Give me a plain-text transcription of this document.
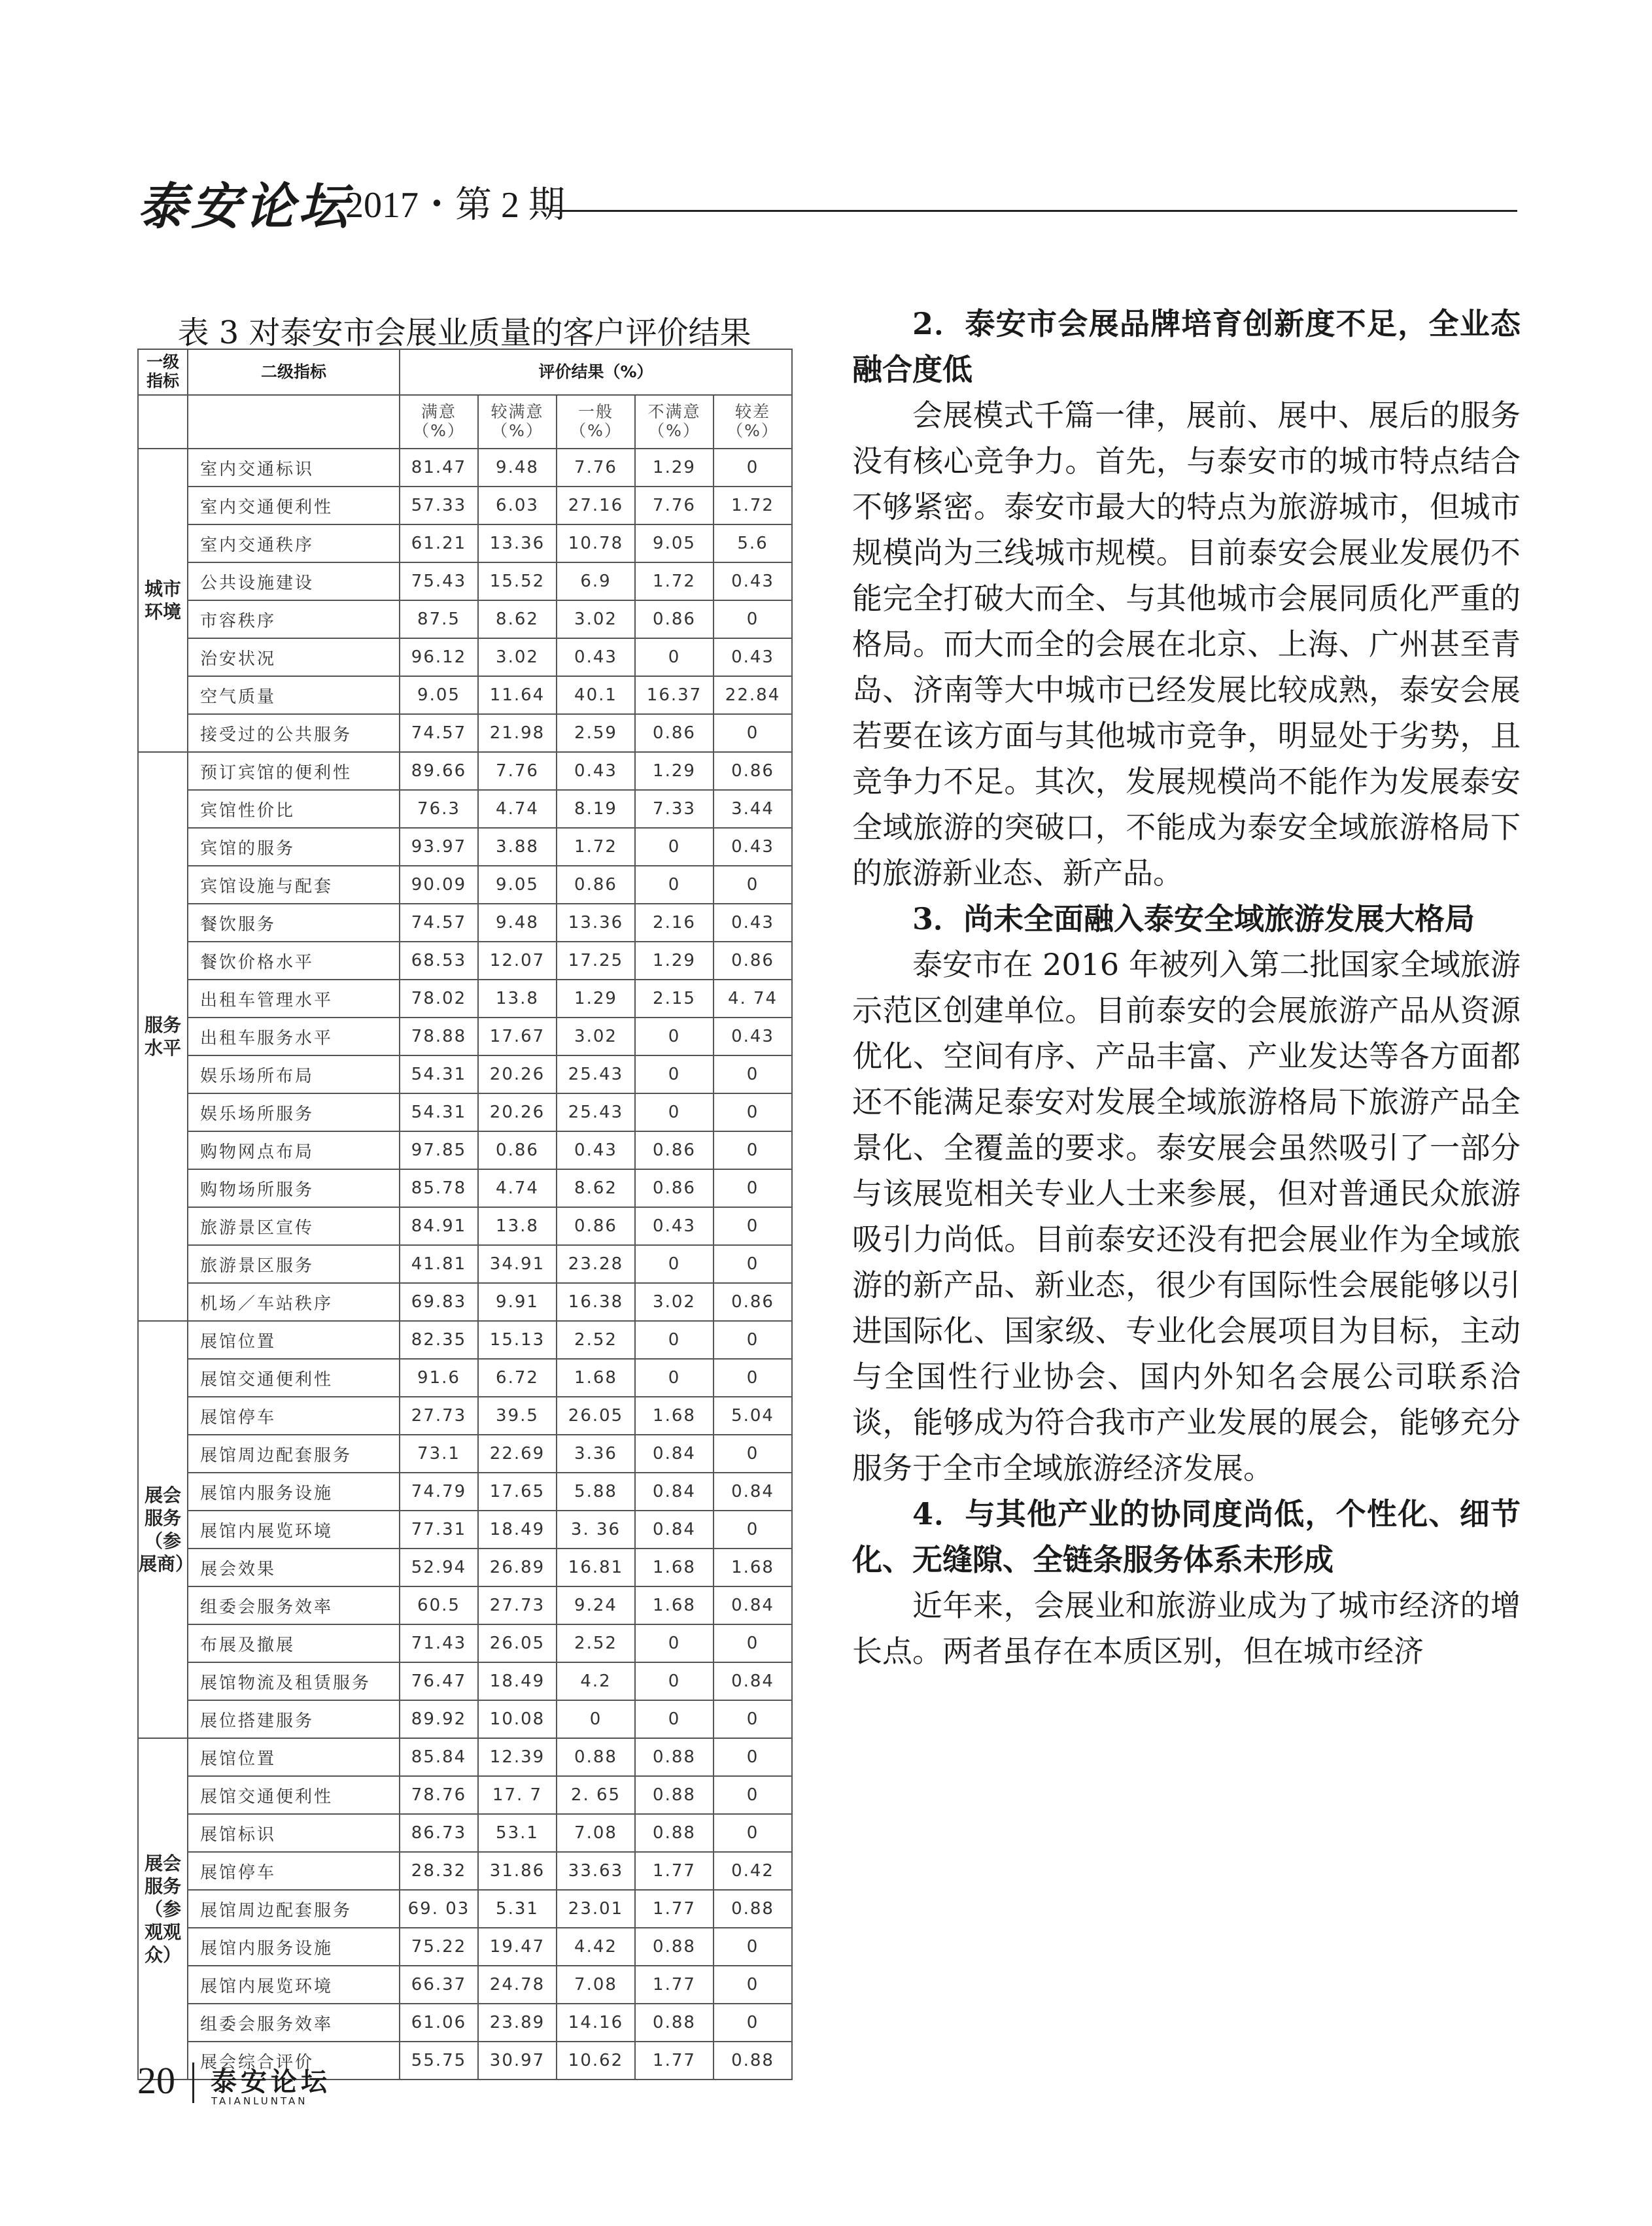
泰安论坛
2017・第 2 期
表 3 对泰安市会展业质量的客户评价结果
一级指标	二级指标	评价结果（%）				
		满意（%）	较满意（%）	一般（%）	不满意（%）	较差（%）
城市环境	室内交通标识	81.47	9.48	7.76	1.29	0
	室内交通便利性	57.33	6.03	27.16	7.76	1.72
	室内交通秩序	61.21	13.36	10.78	9.05	5.6
	公共设施建设	75.43	15.52	6.9	1.72	0.43
	市容秩序	87.5	8.62	3.02	0.86	0
	治安状况	96.12	3.02	0.43	0	0.43
	空气质量	9.05	11.64	40.1	16.37	22.84
	接受过的公共服务	74.57	21.98	2.59	0.86	0
服务水平	预订宾馆的便利性	89.66	7.76	0.43	1.29	0.86
	宾馆性价比	76.3	4.74	8.19	7.33	3.44
	宾馆的服务	93.97	3.88	1.72	0	0.43
	宾馆设施与配套	90.09	9.05	0.86	0	0
	餐饮服务	74.57	9.48	13.36	2.16	0.43
	餐饮价格水平	68.53	12.07	17.25	1.29	0.86
	出租车管理水平	78.02	13.8	1.29	2.15	4. 74
	出租车服务水平	78.88	17.67	3.02	0	0.43
	娱乐场所布局	54.31	20.26	25.43	0	0
	娱乐场所服务	54.31	20.26	25.43	0	0
	购物网点布局	97.85	0.86	0.43	0.86	0
	购物场所服务	85.78	4.74	8.62	0.86	0
	旅游景区宣传	84.91	13.8	0.86	0.43	0
	旅游景区服务	41.81	34.91	23.28	0	0
	机场／车站秩序	69.83	9.91	16.38	3.02	0.86
展会服务（参展商）	展馆位置	82.35	15.13	2.52	0	0
	展馆交通便利性	91.6	6.72	1.68	0	0
	展馆停车	27.73	39.5	26.05	1.68	5.04
	展馆周边配套服务	73.1	22.69	3.36	0.84	0
	展馆内服务设施	74.79	17.65	5.88	0.84	0.84
	展馆内展览环境	77.31	18.49	3. 36	0.84	0
	展会效果	52.94	26.89	16.81	1.68	1.68
	组委会服务效率	60.5	27.73	9.24	1.68	0.84
	布展及撤展	71.43	26.05	2.52	0	0
	展馆物流及租赁服务	76.47	18.49	4.2	0	0.84
	展位搭建服务	89.92	10.08	0	0	0
展会服务（参观观众）	展馆位置	85.84	12.39	0.88	0.88	0
	展馆交通便利性	78.76	17. 7	2. 65	0.88	0
	展馆标识	86.73	53.1	7.08	0.88	0
	展馆停车	28.32	31.86	33.63	1.77	0.42
	展馆周边配套服务	69. 03	5.31	23.01	1.77	0.88
	展馆内服务设施	75.22	19.47	4.42	0.88	0
	展馆内展览环境	66.37	24.78	7.08	1.77	0
	组委会服务效率	61.06	23.89	14.16	0.88	0
	展会综合评价	55.75	30.97	10.62	1.77	0.88

2．泰安市会展品牌培育创新度不足，全业态融合度低

会展模式千篇一律，展前、展中、展后的服务没有核心竞争力。首先，与泰安市的城市特点结合不够紧密。泰安市最大的特点为旅游城市，但城市规模尚为三线城市规模。目前泰安会展业发展仍不能完全打破大而全、与其他城市会展同质化严重的格局。而大而全的会展在北京、上海、广州甚至青岛、济南等大中城市已经发展比较成熟，泰安会展若要在该方面与其他城市竞争，明显处于劣势，且竞争力不足。其次，发展规模尚不能作为发展泰安全域旅游的突破口，不能成为泰安全域旅游格局下的旅游新业态、新产品。

3．尚未全面融入泰安全域旅游发展大格局

泰安市在 2016 年被列入第二批国家全域旅游示范区创建单位。目前泰安的会展旅游产品从资源优化、空间有序、产品丰富、产业发达等各方面都还不能满足泰安对发展全域旅游格局下旅游产品全景化、全覆盖的要求。泰安展会虽然吸引了一部分与该展览相关专业人士来参展，但对普通民众旅游吸引力尚低。目前泰安还没有把会展业作为全域旅游的新产品、新业态，很少有国际性会展能够以引进国际化、国家级、专业化会展项目为目标，主动与全国性行业协会、国内外知名会展公司联系洽谈，能够成为符合我市产业发展的展会，能够充分服务于全市全域旅游经济发展。

4．与其他产业的协同度尚低，个性化、细节化、无缝隙、全链条服务体系未形成

近年来，会展业和旅游业成为了城市经济的增长点。两者虽存在本质区别，但在城市经济

20 泰安论坛
TAIANLUNTAN
